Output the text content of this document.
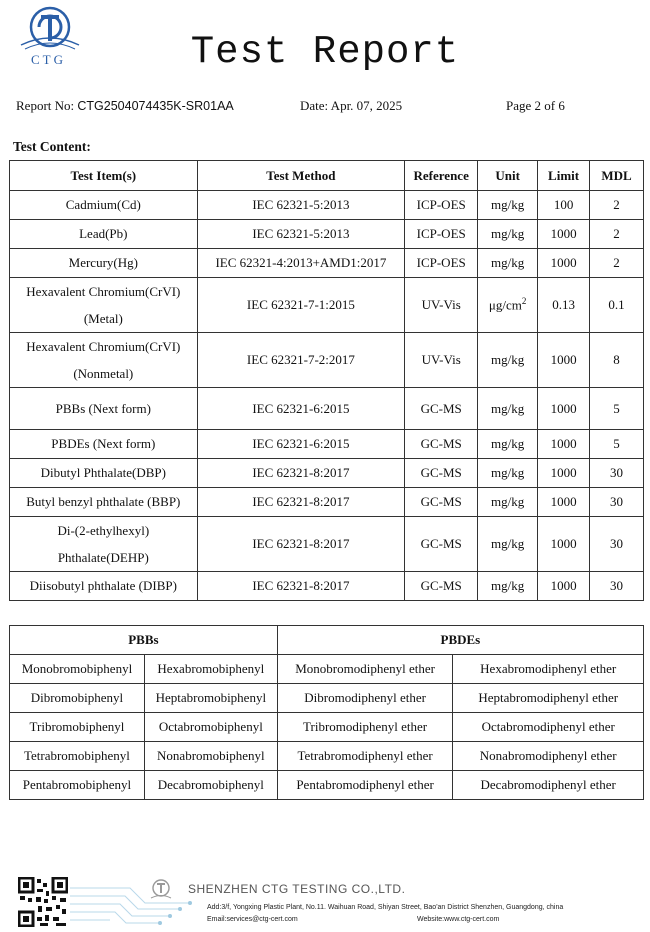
CTG	Test Report
Report No: CTG2504074435K-SR01AA	Date: Apr. 07, 2025	Page 2 of 6
Test Content:
Test Item(s)	Test Method	Reference	Unit	Limit	MDL
Cadmium(Cd)	IEC 62321-5:2013	ICP-OES	mg/kg	100	2
Lead(Pb)	IEC 62321-5:2013	ICP-OES	mg/kg	1000	2
Mercury(Hg)	IEC 62321-4:2013+AMD1:2017	ICP-OES	mg/kg	1000	2
Hexavalent Chromium(CrVI)
(Metal)	IEC 62321-7-1:2015	UV-Vis	$\mu g/cm^2$	0.13	0.1
Hexavalent Chromium(CrVI)
(Nonmetal)	IEC 62321-7-2:2017	UV-Vis	mg/kg	1000	8
PBBs (Next form)	IEC 62321-6:2015	GC-MS	mg/kg	1000	5
PBDEs (Next form)	IEC 62321-6:2015	GC-MS	mg/kg	1000	5
Dibutyl Phthalate(DBP)	IEC 62321-8:2017	GC-MS	mg/kg	1000	30
Butyl benzyl phthalate (BBP)	IEC 62321-8:2017	GC-MS	mg/kg	1000	30
Di-(2-ethylhexyl)
Phthalate(DEHP)	IEC 62321-8:2017	GC-MS	mg/kg	1000	30
Diisobutyl phthalate (DIBP)	IEC 62321-8:2017	GC-MS	mg/kg	1000	30
PBBs		PBDEs	
Monobromobiphenyl	Hexabromobiphenyl	Monobromodiphenyl ether	Hexabromodiphenyl ether
Dibromobiphenyl	Heptabromobiphenyl	Dibromodiphenyl ether	Heptabromodiphenyl ether
Tribromobiphenyl	Octabromobiphenyl	Tribromodiphenyl ether	Octabromodiphenyl ether
Tetrabromobiphenyl	Nonabromobiphenyl	Tetrabromodiphenyl ether	Nonabromodiphenyl ether
Pentabromobiphenyl	Decabromobiphenyl	Pentabromodiphenyl ether	Decabromodiphenyl ether
SHENZHEN CTG TESTING CO.,LTD.
Add:3/f, Yongxing Plastic Plant, No.11. Waihuan Road, Shiyan Street, Bao'an District Shenzhen, Guangdong, china
Email:services@ctg-cert.com	Website:www.ctg-cert.com
